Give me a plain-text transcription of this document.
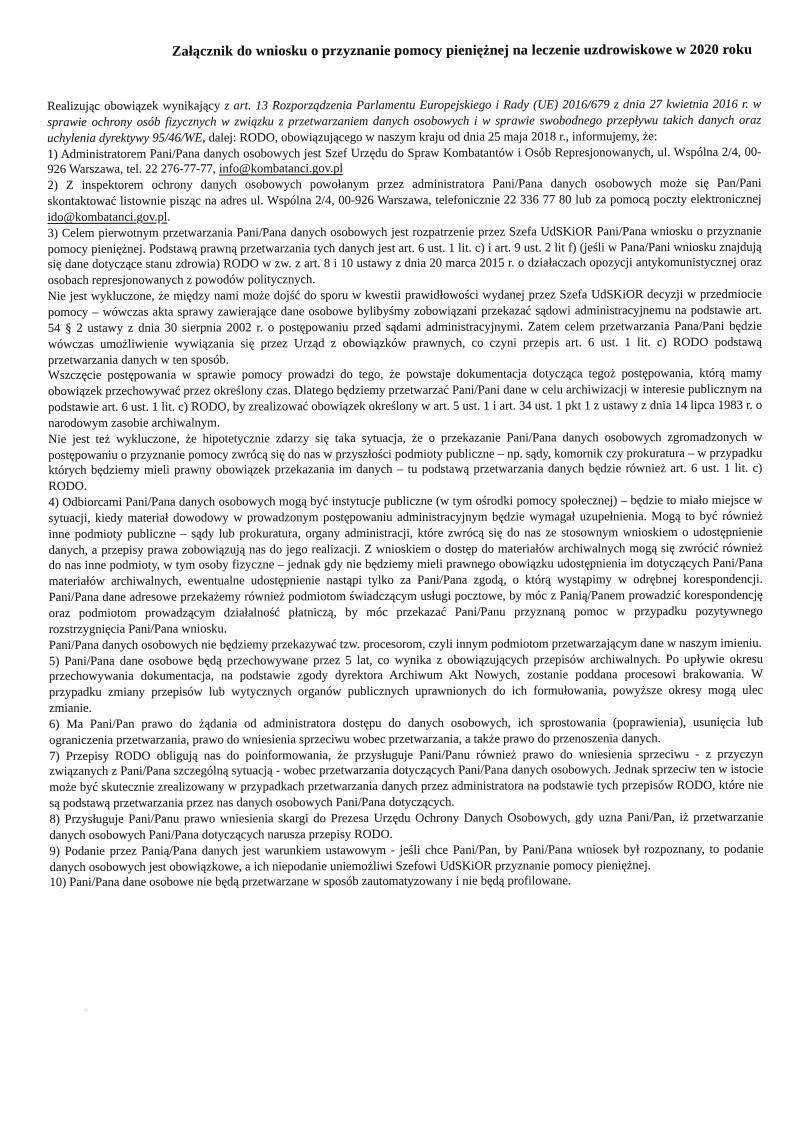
Załącznik do wniosku o przyznanie pomocy pieniężnej na leczenie uzdrowiskowe w 2020 roku

Realizując obowiązek wynikający z art. 13 Rozporządzenia Parlamentu Europejskiego i Rady (UE) 2016/679 z dnia 27 kwietnia 2016 r. w sprawie ochrony osób fizycznych w związku z przetwarzaniem danych osobowych i w sprawie swobodnego przepływu takich danych oraz uchylenia dyrektywy 95/46/WE, dalej: RODO, obowiązującego w naszym kraju od dnia 25 maja 2018 r., informujemy, że:

1) Administratorem Pani/Pana danych osobowych jest Szef Urzędu do Spraw Kombatantów i Osób Represjonowanych, ul. Wspólna 2/4, 00-926 Warszawa, tel. 22 276-77-77, info@kombatanci.gov.pl

2) Z inspektorem ochrony danych osobowych powołanym przez administratora Pani/Pana danych osobowych może się Pan/Pani skontaktować listownie pisząc na adres ul. Wspólna 2/4, 00-926 Warszawa, telefonicznie 22 336 77 80 lub za pomocą poczty elektronicznej ido@kombatanci.gov.pl.

3) Celem pierwotnym przetwarzania Pani/Pana danych osobowych jest rozpatrzenie przez Szefa UdSKiOR Pani/Pana wniosku o przyznanie pomocy pieniężnej. Podstawą prawną przetwarzania tych danych jest art. 6 ust. 1 lit. c) i art. 9 ust. 2 lit f) (jeśli w Pana/Pani wniosku znajdują się dane dotyczące stanu zdrowia) RODO w zw. z art. 8 i 10 ustawy z dnia 20 marca 2015 r. o działaczach opozycji antykomunistycznej oraz osobach represjonowanych z powodów politycznych.

Nie jest wykluczone, że między nami może dojść do sporu w kwestii prawidłowości wydanej przez Szefa UdSKiOR decyzji w przedmiocie pomocy – wówczas akta sprawy zawierające dane osobowe bylibyśmy zobowiązani przekazać sądowi administracyjnemu na podstawie art. 54 § 2 ustawy z dnia 30 sierpnia 2002 r. o postępowaniu przed sądami administracyjnymi. Zatem celem przetwarzania Pana/Pani będzie wówczas umożliwienie wywiązania się przez Urząd z obowiązków prawnych, co czyni przepis art. 6 ust. 1 lit. c) RODO podstawą przetwarzania danych w ten sposób.

Wszczęcie postępowania w sprawie pomocy prowadzi do tego, że powstaje dokumentacja dotycząca tegoż postępowania, którą mamy obowiązek przechowywać przez określony czas. Dlatego będziemy przetwarzać Pani/Pani dane w celu archiwizacji w interesie publicznym na podstawie art. 6 ust. 1 lit. c) RODO, by zrealizować obowiązek określony w art. 5 ust. 1 i art. 34 ust. 1 pkt 1 z ustawy z dnia 14 lipca 1983 r. o narodowym zasobie archiwalnym.

Nie jest też wykluczone, że hipotetycznie zdarzy się taka sytuacja, że o przekazanie Pani/Pana danych osobowych zgromadzonych w postępowaniu o przyznanie pomocy zwrócą się do nas w przyszłości podmioty publiczne – np. sądy, komornik czy prokuratura – w przypadku których będziemy mieli prawny obowiązek przekazania im danych – tu podstawą przetwarzania danych będzie również art. 6 ust. 1 lit. c) RODO.

4) Odbiorcami Pani/Pana danych osobowych mogą być instytucje publiczne (w tym ośrodki pomocy społecznej) – będzie to miało miejsce w sytuacji, kiedy materiał dowodowy w prowadzonym postępowaniu administracyjnym będzie wymagał uzupełnienia. Mogą to być również inne podmioty publiczne – sądy lub prokuratura, organy administracji, które zwrócą się do nas ze stosownym wnioskiem o udostępnienie danych, a przepisy prawa zobowiązują nas do jego realizacji. Z wnioskiem o dostęp do materiałów archiwalnych mogą się zwrócić również do nas inne podmioty, w tym osoby fizyczne – jednak gdy nie będziemy mieli prawnego obowiązku udostępnienia im dotyczących Pani/Pana materiałów archiwalnych, ewentualne udostępnienie nastąpi tylko za Pani/Pana zgodą, o którą wystąpimy w odrębnej korespondencji. Pani/Pana dane adresowe przekażemy również podmiotom świadczącym usługi pocztowe, by móc z Panią/Panem prowadzić korespondencję oraz podmiotom prowadzącym działalność płatniczą, by móc przekazać Pani/Panu przyznaną pomoc w przypadku pozytywnego rozstrzygnięcia Pani/Pana wniosku.

Pani/Pana danych osobowych nie będziemy przekazywać tzw. procesorom, czyli innym podmiotom przetwarzającym dane w naszym imieniu.

5) Pani/Pana dane osobowe będą przechowywane przez 5 lat, co wynika z obowiązujących przepisów archiwalnych. Po upływie okresu przechowywania dokumentacja, na podstawie zgody dyrektora Archiwum Akt Nowych, zostanie poddana procesowi brakowania. W przypadku zmiany przepisów lub wytycznych organów publicznych uprawnionych do ich formułowania, powyższe okresy mogą ulec zmianie.

6) Ma Pani/Pan prawo do żądania od administratora dostępu do danych osobowych, ich sprostowania (poprawienia), usunięcia lub ograniczenia przetwarzania, prawo do wniesienia sprzeciwu wobec przetwarzania, a także prawo do przenoszenia danych.

7) Przepisy RODO obligują nas do poinformowania, że przysługuje Pani/Panu również prawo do wniesienia sprzeciwu - z przyczyn związanych z Pani/Pana szczególną sytuacją - wobec przetwarzania dotyczących Pani/Pana danych osobowych. Jednak sprzeciw ten w istocie może być skutecznie zrealizowany w przypadkach przetwarzania danych przez administratora na podstawie tych przepisów RODO, które nie są podstawą przetwarzania przez nas danych osobowych Pani/Pana dotyczących.

8) Przysługuje Pani/Panu prawo wniesienia skargi do Prezesa Urzędu Ochrony Danych Osobowych, gdy uzna Pani/Pan, iż przetwarzanie danych osobowych Pani/Pana dotyczących narusza przepisy RODO.

9) Podanie przez Panią/Pana danych jest warunkiem ustawowym - jeśli chce Pani/Pan, by Pani/Pana wniosek był rozpoznany, to podanie danych osobowych jest obowiązkowe, a ich niepodanie uniemożliwi Szefowi UdSKiOR przyznanie pomocy pieniężnej.

10) Pani/Pana dane osobowe nie będą przetwarzane w sposób zautomatyzowany i nie będą profilowane.
